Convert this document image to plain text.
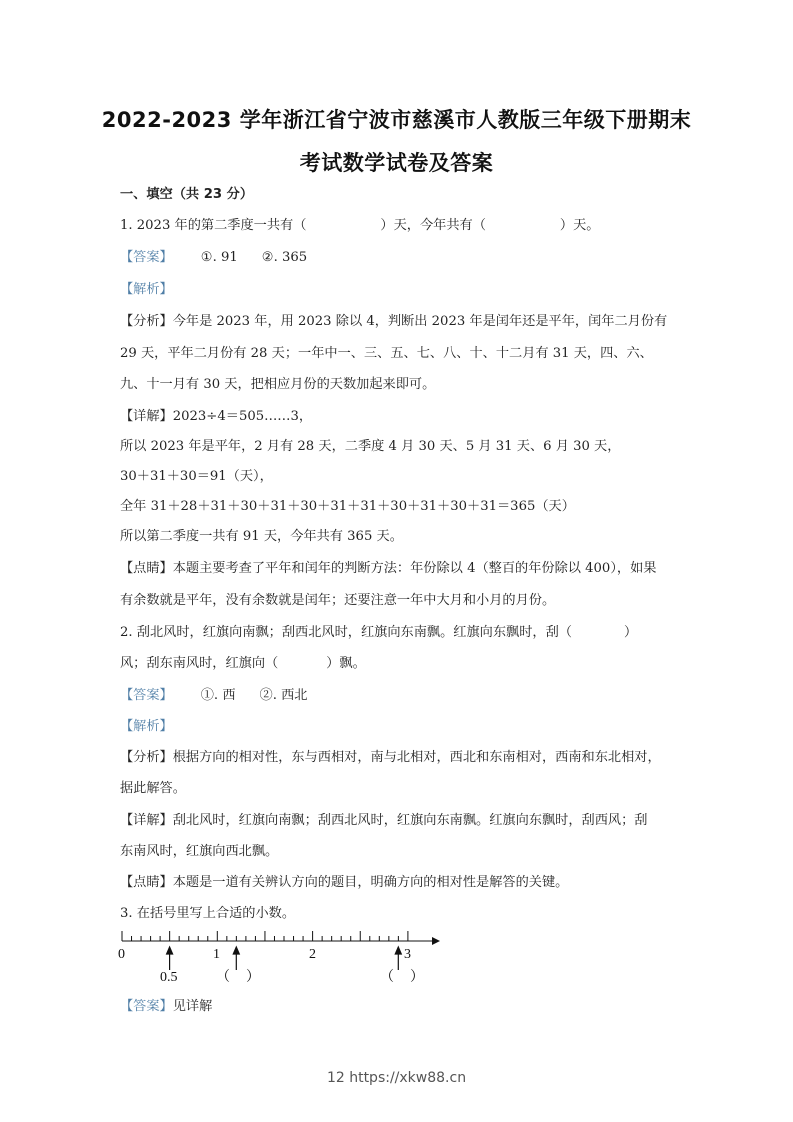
2022-2023 学年浙江省宁波市慈溪市人教版三年级下册期末
考试数学试卷及答案
一、填空（共 23 分）
1. 2023 年的第二季度一共有（	）天，今年共有（	）天。
【答案】 ①. 91 ②. 365
【解析】
【分析】今年是 2023 年，用 2023 除以 4，判断出 2023 年是闰年还是平年，闰年二月份有
29 天，平年二月份有 28 天；一年中一、三、五、七、八、十、十二月有 31 天，四、六、
九、十一月有 30 天，把相应月份的天数加起来即可。
【详解】2023÷4＝505……3，
所以 2023 年是平年，2 月有 28 天，二季度 4 月 30 天、5 月 31 天、6 月 30 天，
30＋31＋30＝91（天），
全年 31＋28＋31＋30＋31＋30＋31＋31＋30＋31＋30＋31＝365（天）
所以第二季度一共有 91 天，今年共有 365 天。
【点睛】本题主要考查了平年和闰年的判断方法：年份除以 4（整百的年份除以 400），如果
有余数就是平年，没有余数就是闰年；还要注意一年中大月和小月的月份。
2. 刮北风时，红旗向南飘；刮西北风时，红旗向东南飘。红旗向东飘时，刮（	）
风；刮东南风时，红旗向（	）飘。
【答案】 ①. 西 ②. 西北
【解析】
【分析】根据方向的相对性，东与西相对，南与北相对，西北和东南相对，西南和东北相对，
据此解答。
【详解】刮北风时，红旗向南飘；刮西北风时，红旗向东南飘。红旗向东飘时，刮西风；刮
东南风时，红旗向西北飘。
【点睛】本题是一道有关辨认方向的题目，明确方向的相对性是解答的关键。
3. 在括号里写上合适的小数。
0	1	2	3
0.5	（ ）	（ ）
【答案】见详解
12 https://xkw88.cn
